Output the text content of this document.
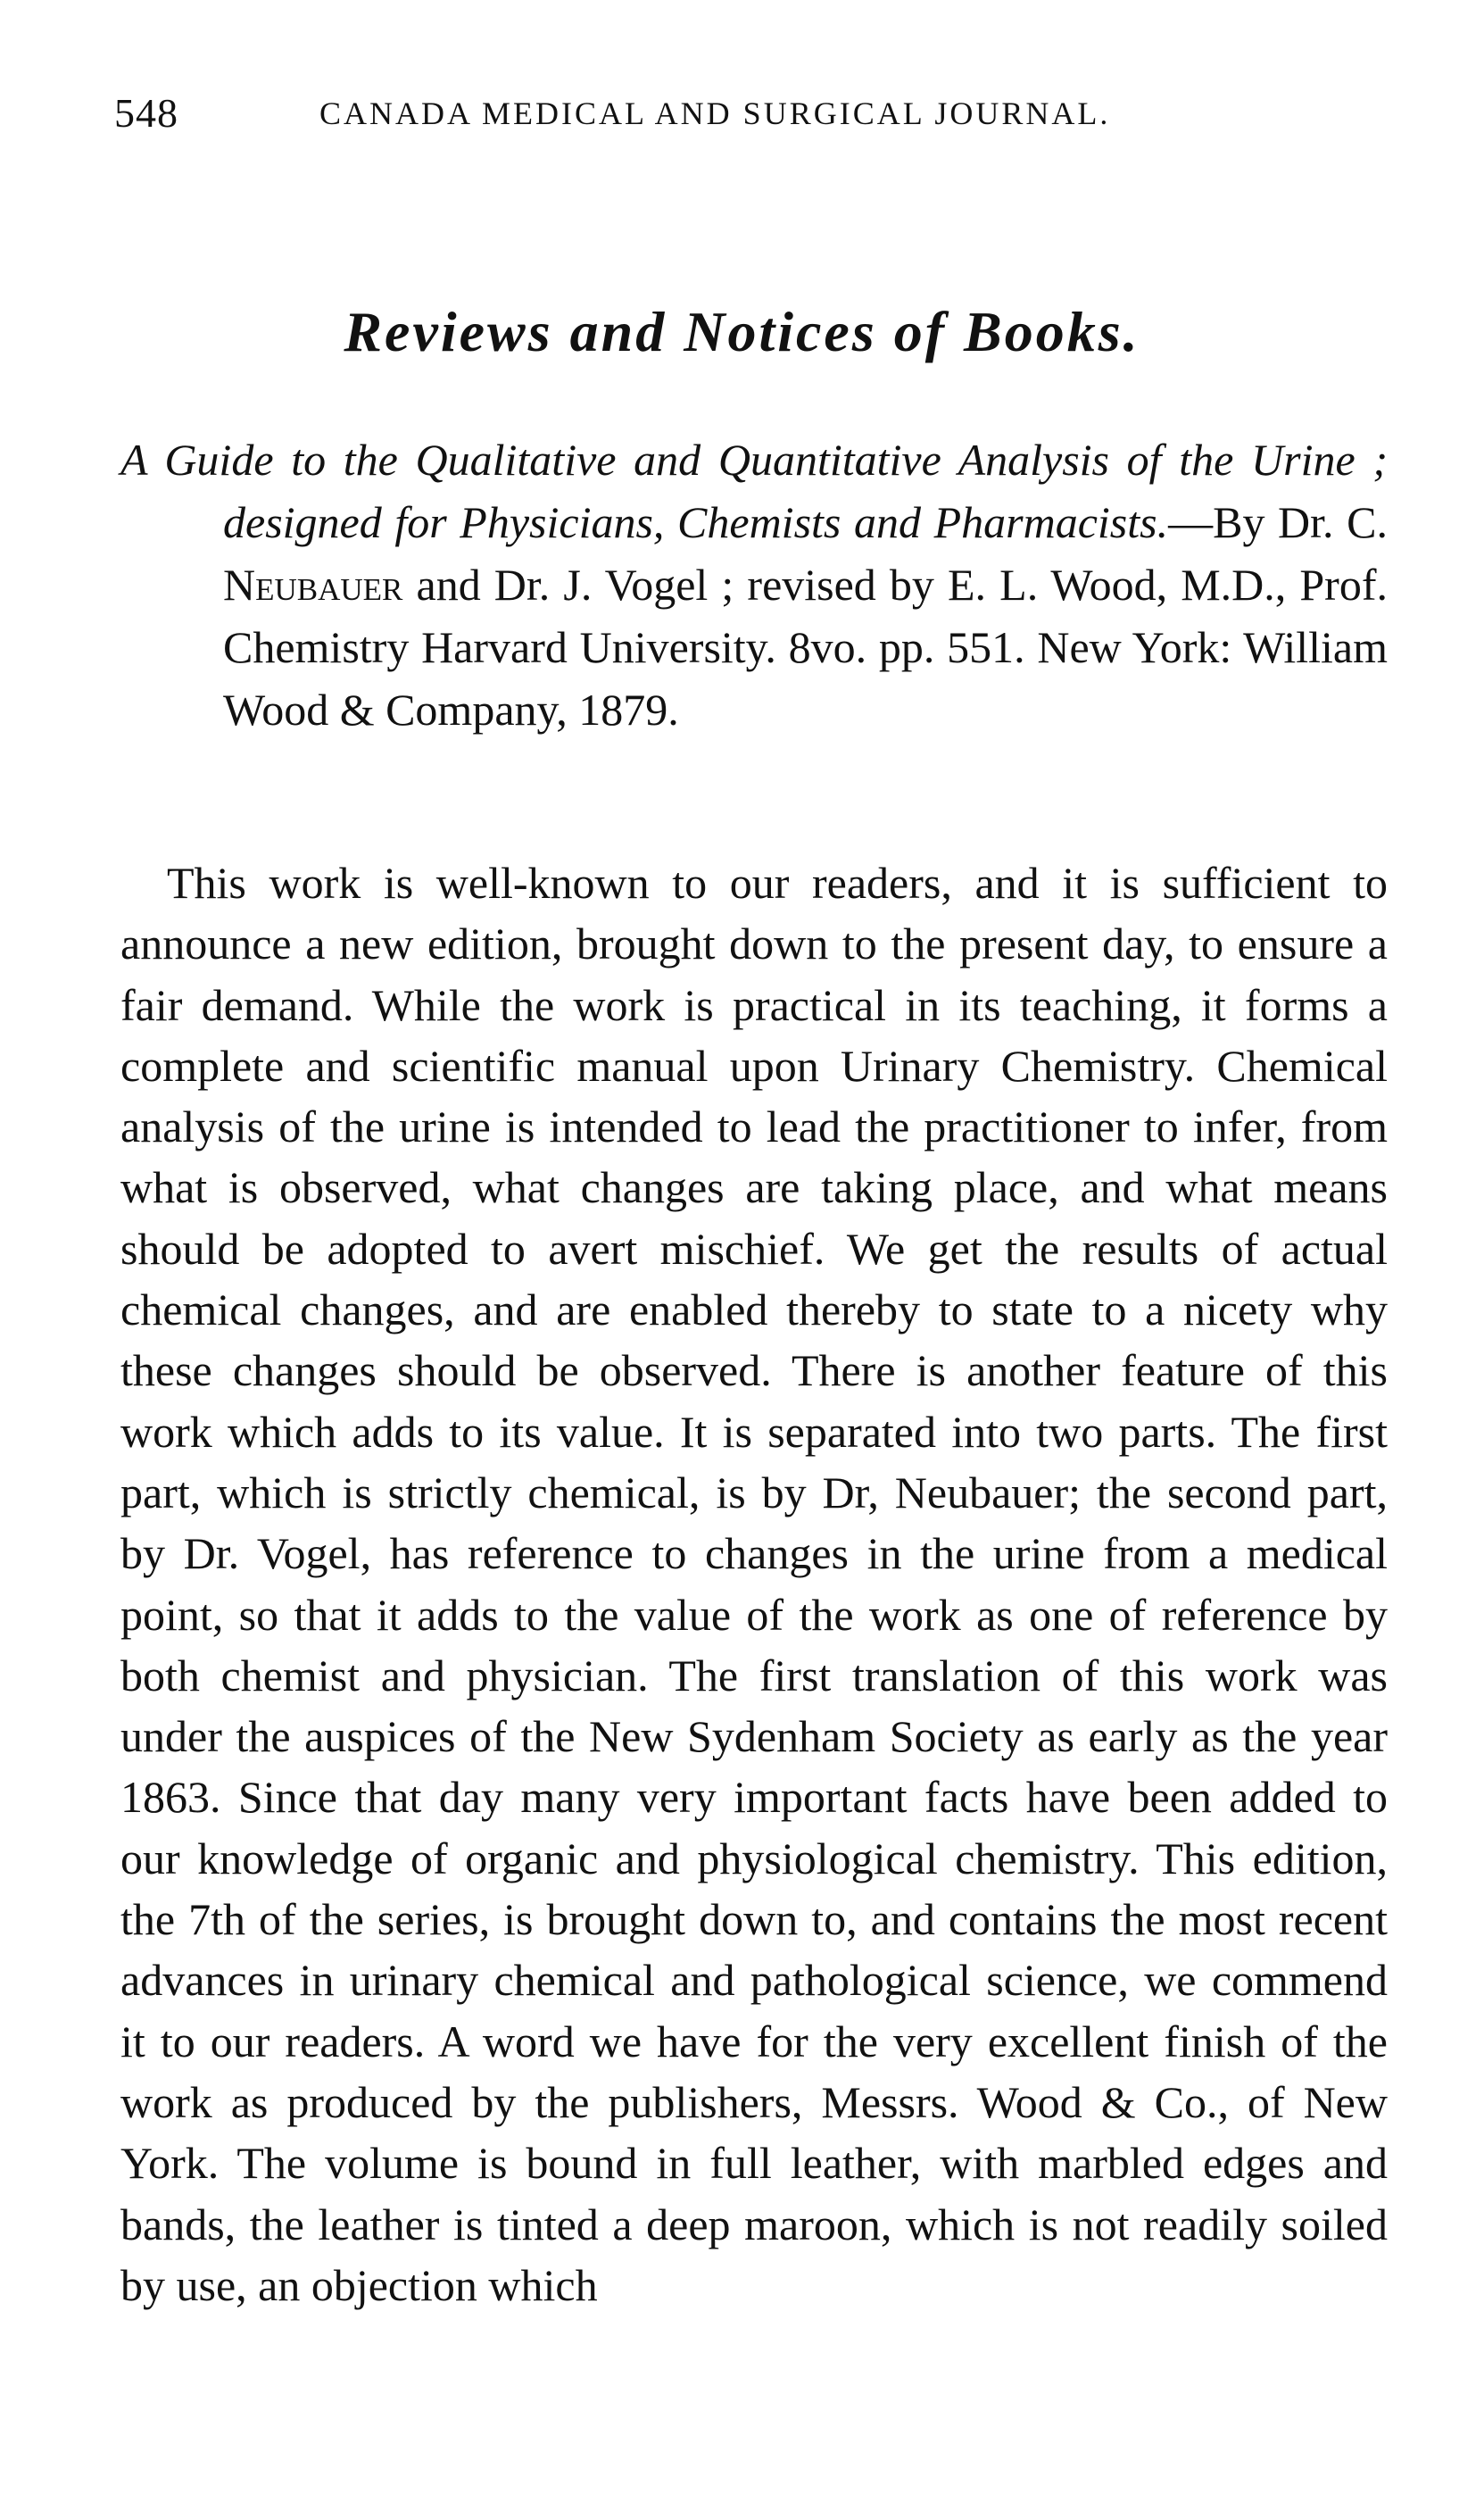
548	CANADA MEDICAL AND SURGICAL JOURNAL.
Reviews and Notices of Books.
A Guide to the Qualitative and Quantitative Analysis of the Urine ; designed for Physicians, Chemists and Pharmacists.—By Dr. C. Neubauer and Dr. J. Vogel ; revised by E. L. Wood, M.D., Prof. Chemistry Harvard University. 8vo. pp. 551. New York: William Wood & Company, 1879.

This work is well-known to our readers, and it is sufficient to announce a new edition, brought down to the present day, to ensure a fair demand. While the work is practical in its teaching, it forms a complete and scientific manual upon Urinary Chemistry. Chemical analysis of the urine is intended to lead the practitioner to infer, from what is observed, what changes are taking place, and what means should be adopted to avert mischief. We get the results of actual chemical changes, and are enabled thereby to state to a nicety why these changes should be observed. There is another feature of this work which adds to its value. It is separated into two parts. The first part, which is strictly chemical, is by Dr, Neubauer; the second part, by Dr. Vogel, has reference to changes in the urine from a medical point, so that it adds to the value of the work as one of reference by both chemist and physician. The first translation of this work was under the auspices of the New Sydenham Society as early as the year 1863. Since that day many very important facts have been added to our knowledge of organic and physiological chemistry. This edition, the 7th of the series, is brought down to, and contains the most recent advances in urinary chemical and pathological science, we commend it to our readers. A word we have for the very excellent finish of the work as produced by the publishers, Messrs. Wood & Co., of New York. The volume is bound in full leather, with marbled edges and bands, the leather is tinted a deep maroon, which is not readily soiled by use, an objection which
